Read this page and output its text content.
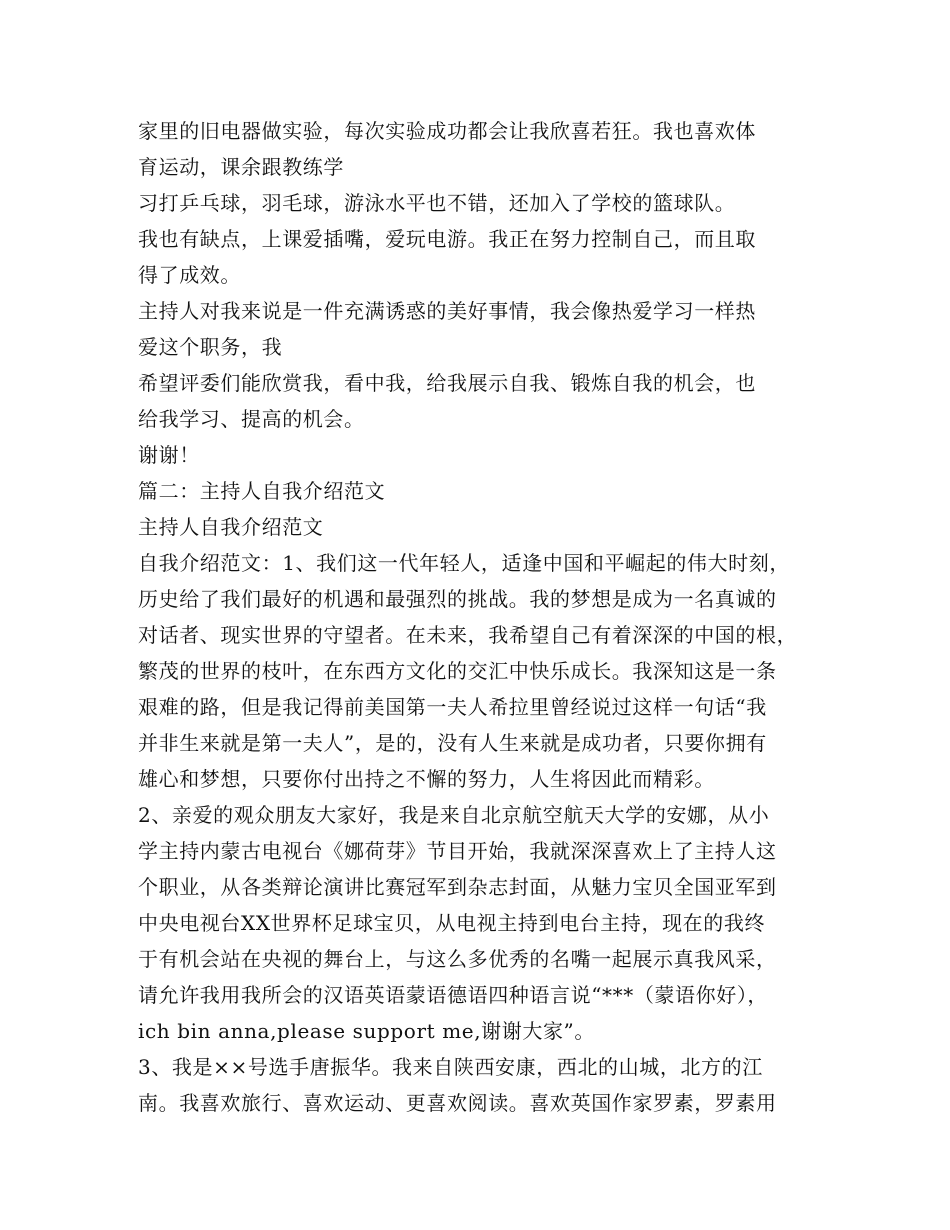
家里的旧电器做实验，每次实验成功都会让我欣喜若狂。我也喜欢体
育运动，课余跟教练学
习打乒乓球，羽毛球，游泳水平也不错，还加入了学校的篮球队。
我也有缺点，上课爱插嘴，爱玩电游。我正在努力控制自己，而且取
得了成效。
主持人对我来说是一件充满诱惑的美好事情，我会像热爱学习一样热
爱这个职务，我
希望评委们能欣赏我，看中我，给我展示自我、锻炼自我的机会，也
给我学习、提高的机会。
谢谢！
篇二：主持人自我介绍范文
主持人自我介绍范文
自我介绍范文：1、我们这一代年轻人，适逢中国和平崛起的伟大时刻，
历史给了我们最好的机遇和最强烈的挑战。我的梦想是成为一名真诚的
对话者、现实世界的守望者。在未来，我希望自己有着深深的中国的根，
繁茂的世界的枝叶，在东西方文化的交汇中快乐成长。我深知这是一条
艰难的路，但是我记得前美国第一夫人希拉里曾经说过这样一句话“我
并非生来就是第一夫人”，是的，没有人生来就是成功者，只要你拥有
雄心和梦想，只要你付出持之不懈的努力，人生将因此而精彩。
2、亲爱的观众朋友大家好，我是来自北京航空航天大学的安娜，从小
学主持内蒙古电视台《娜荷芽》节目开始，我就深深喜欢上了主持人这
个职业，从各类辩论演讲比赛冠军到杂志封面，从魅力宝贝全国亚军到
中央电视台XX世界杯足球宝贝，从电视主持到电台主持，现在的我终
于有机会站在央视的舞台上，与这么多优秀的名嘴一起展示真我风采，
请允许我用我所会的汉语英语蒙语德语四种语言说“***（蒙语你好），
ich bin anna,please support me,谢谢大家”。
3、我是××号选手唐振华。我来自陕西安康，西北的山城，北方的江
南。我喜欢旅行、喜欢运动、更喜欢阅读。喜欢英国作家罗素，罗素用
